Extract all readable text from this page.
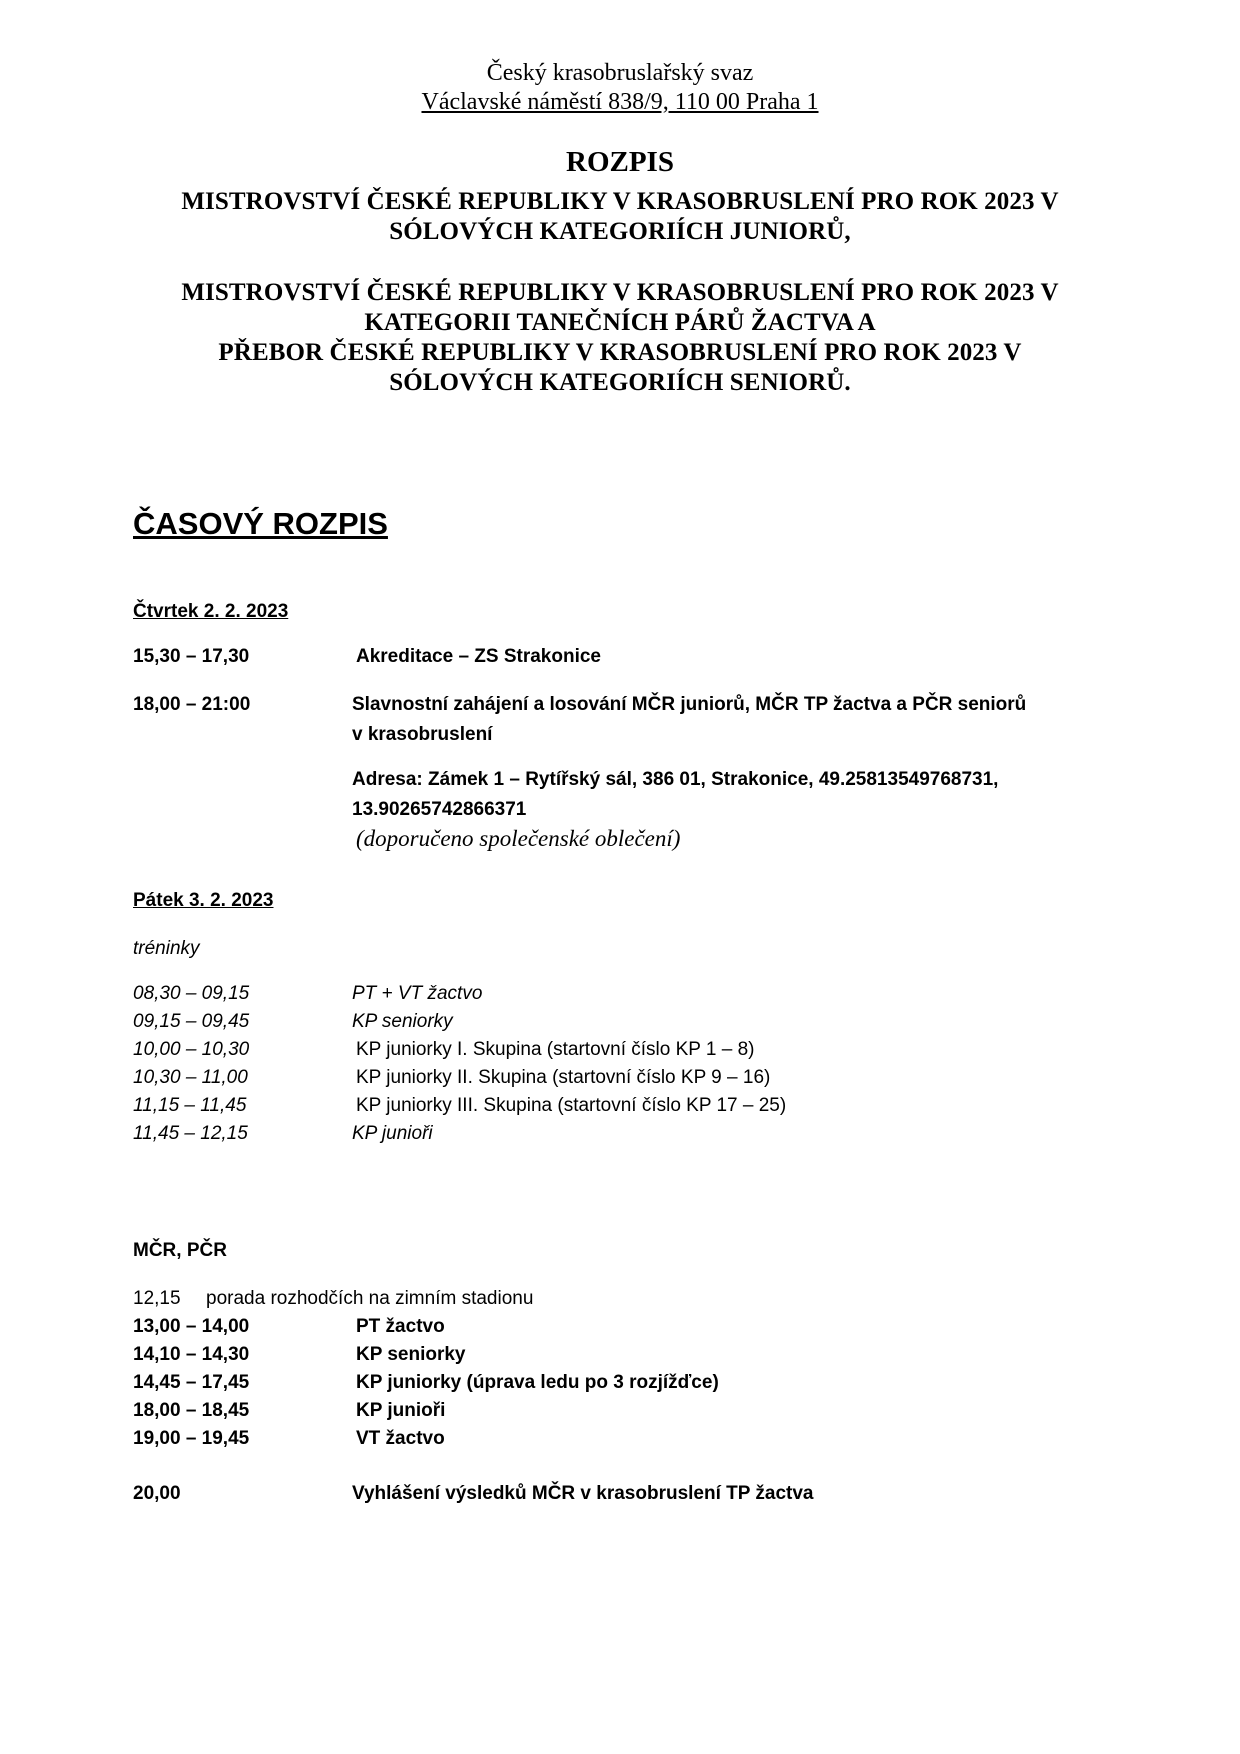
Český krasobruslařský svaz
Václavské náměstí 838/9, 110 00 Praha 1
ROZPIS
MISTROVSTVÍ ČESKÉ REPUBLIKY V KRASOBRUSLENÍ PRO ROK 2023 V
SÓLOVÝCH KATEGORIÍCH JUNIORŮ,
MISTROVSTVÍ ČESKÉ REPUBLIKY V KRASOBRUSLENÍ PRO ROK 2023 V
KATEGORII TANEČNÍCH PÁRŮ ŽACTVA A
PŘEBOR ČESKÉ REPUBLIKY V KRASOBRUSLENÍ PRO ROK 2023 V
SÓLOVÝCH KATEGORIÍCH SENIORŮ.
ČASOVÝ ROZPIS
Čtvrtek 2. 2. 2023
15,30 – 17,30	Akreditace – ZS Strakonice
18,00 – 21:00	Slavnostní zahájení a losování MČR juniorů, MČR TP žactva a PČR seniorů
v krasobruslení
Adresa: Zámek 1 – Rytířský sál, 386 01, Strakonice, 49.25813549768731,
13.90265742866371
(doporučeno společenské oblečení)
Pátek 3. 2. 2023
tréninky
08,30 – 09,15	PT + VT žactvo
09,15 – 09,45	KP seniorky
10,00 – 10,30	KP juniorky I. Skupina (startovní číslo KP 1 – 8)
10,30 – 11,00	KP juniorky II. Skupina (startovní číslo KP 9 – 16)
11,15 – 11,45	KP juniorky III. Skupina (startovní číslo KP 17 – 25)
11,45 – 12,15	KP junioři
MČR, PČR
12,15 porada rozhodčích na zimním stadionu
13,00 – 14,00	PT žactvo
14,10 – 14,30	KP seniorky
14,45 – 17,45	KP juniorky (úprava ledu po 3 rozjížďce)
18,00 – 18,45	KP junioři
19,00 – 19,45	VT žactvo
20,00	Vyhlášení výsledků MČR v krasobruslení TP žactva
